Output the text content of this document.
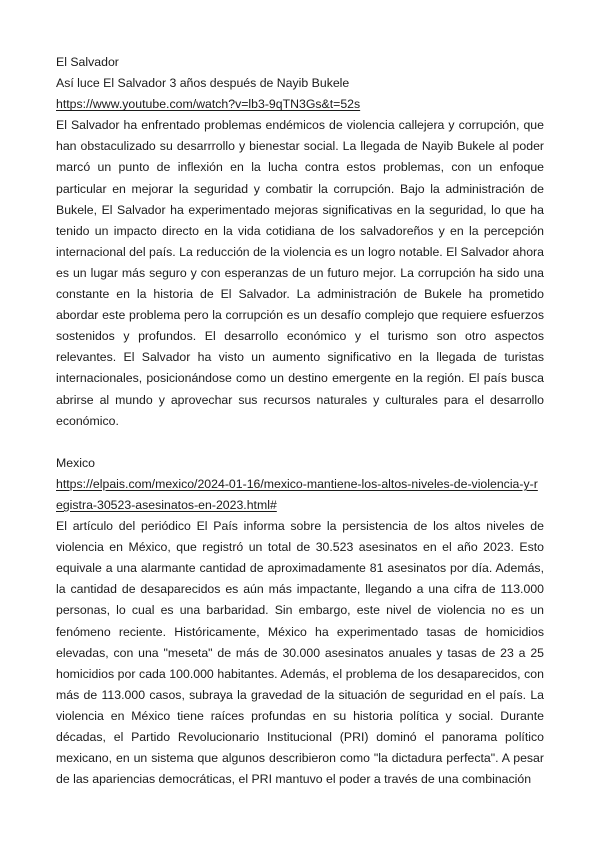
El Salvador
Así luce El Salvador 3 años después de Nayib Bukele
https://www.youtube.com/watch?v=lb3-9qTN3Gs&t=52s

El Salvador ha enfrentado problemas endémicos de violencia callejera y corrupción, que han obstaculizado su desarrrollo y bienestar social. La llegada de Nayib Bukele al poder marcó un punto de inflexión en la lucha contra estos problemas, con un enfoque particular en mejorar la seguridad y combatir la corrupción. Bajo la administración de Bukele, El Salvador ha experimentado mejoras significativas en la seguridad, lo que ha tenido un impacto directo en la vida cotidiana de los salvadoreños y en la percepción internacional del país. La reducción de la violencia es un logro notable. El Salvador ahora es un lugar más seguro y con esperanzas de un futuro mejor. La corrupción ha sido una constante en la historia de El Salvador. La administración de Bukele ha prometido abordar este problema pero la corrupción es un desafío complejo que requiere esfuerzos sostenidos y profundos. El desarrollo económico y el turismo son otro aspectos relevantes. El Salvador ha visto un aumento significativo en la llegada de turistas internacionales, posicionándose como un destino emergente en la región. El país busca abrirse al mundo y aprovechar sus recursos naturales y culturales para el desarrollo económico.

Mexico
https://elpais.com/mexico/2024-01-16/mexico-mantiene-los-altos-niveles-de-violencia-y-registra-30523-asesinatos-en-2023.html#

El artículo del periódico El País informa sobre la persistencia de los altos niveles de violencia en México, que registró un total de 30.523 asesinatos en el año 2023. Esto equivale a una alarmante cantidad de aproximadamente 81 asesinatos por día. Además, la cantidad de desaparecidos es aún más impactante, llegando a una cifra de 113.000 personas, lo cual es una barbaridad. Sin embargo, este nivel de violencia no es un fenómeno reciente. Históricamente, México ha experimentado tasas de homicidios elevadas, con una "meseta" de más de 30.000 asesinatos anuales y tasas de 23 a 25 homicidios por cada 100.000 habitantes. Además, el problema de los desaparecidos, con más de 113.000 casos, subraya la gravedad de la situación de seguridad en el país. La violencia en México tiene raíces profundas en su historia política y social. Durante décadas, el Partido Revolucionario Institucional (PRI) dominó el panorama político mexicano, en un sistema que algunos describieron como "la dictadura perfecta". A pesar de las apariencias democráticas, el PRI mantuvo el poder a través de una combinación
